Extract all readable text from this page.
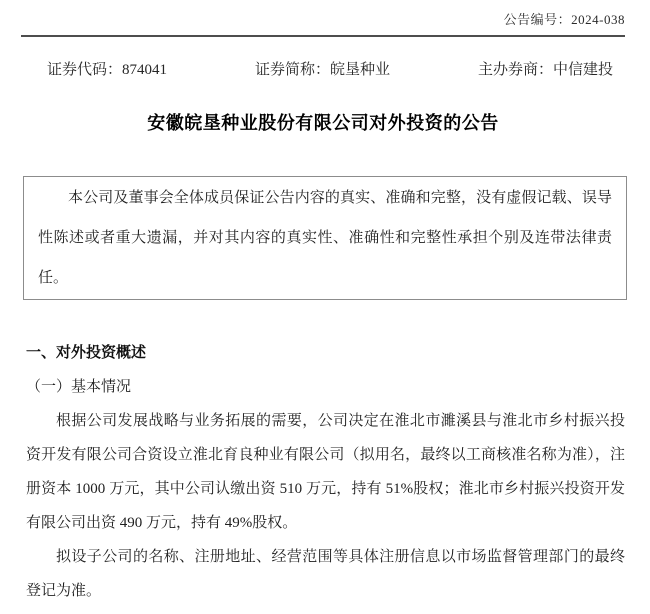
公告编号：2024-038
证券代码：874041	证券简称：皖垦种业	主办券商：中信建投
安徽皖垦种业股份有限公司对外投资的公告

本公司及董事会全体成员保证公告内容的真实、准确和完整，没有虚假记载、误导性陈述或者重大遗漏，并对其内容的真实性、准确性和完整性承担个别及连带法律责任。

一、对外投资概述

（一）基本情况

根据公司发展战略与业务拓展的需要，公司决定在淮北市濉溪县与淮北市乡村振兴投资开发有限公司合资设立淮北育良种业有限公司（拟用名，最终以工商核准名称为准），注册资本 1000 万元，其中公司认缴出资 510 万元，持有 51%股权；淮北市乡村振兴投资开发有限公司出资 490 万元，持有 49%股权。

拟设子公司的名称、注册地址、经营范围等具体注册信息以市场监督管理部门的最终登记为准。
